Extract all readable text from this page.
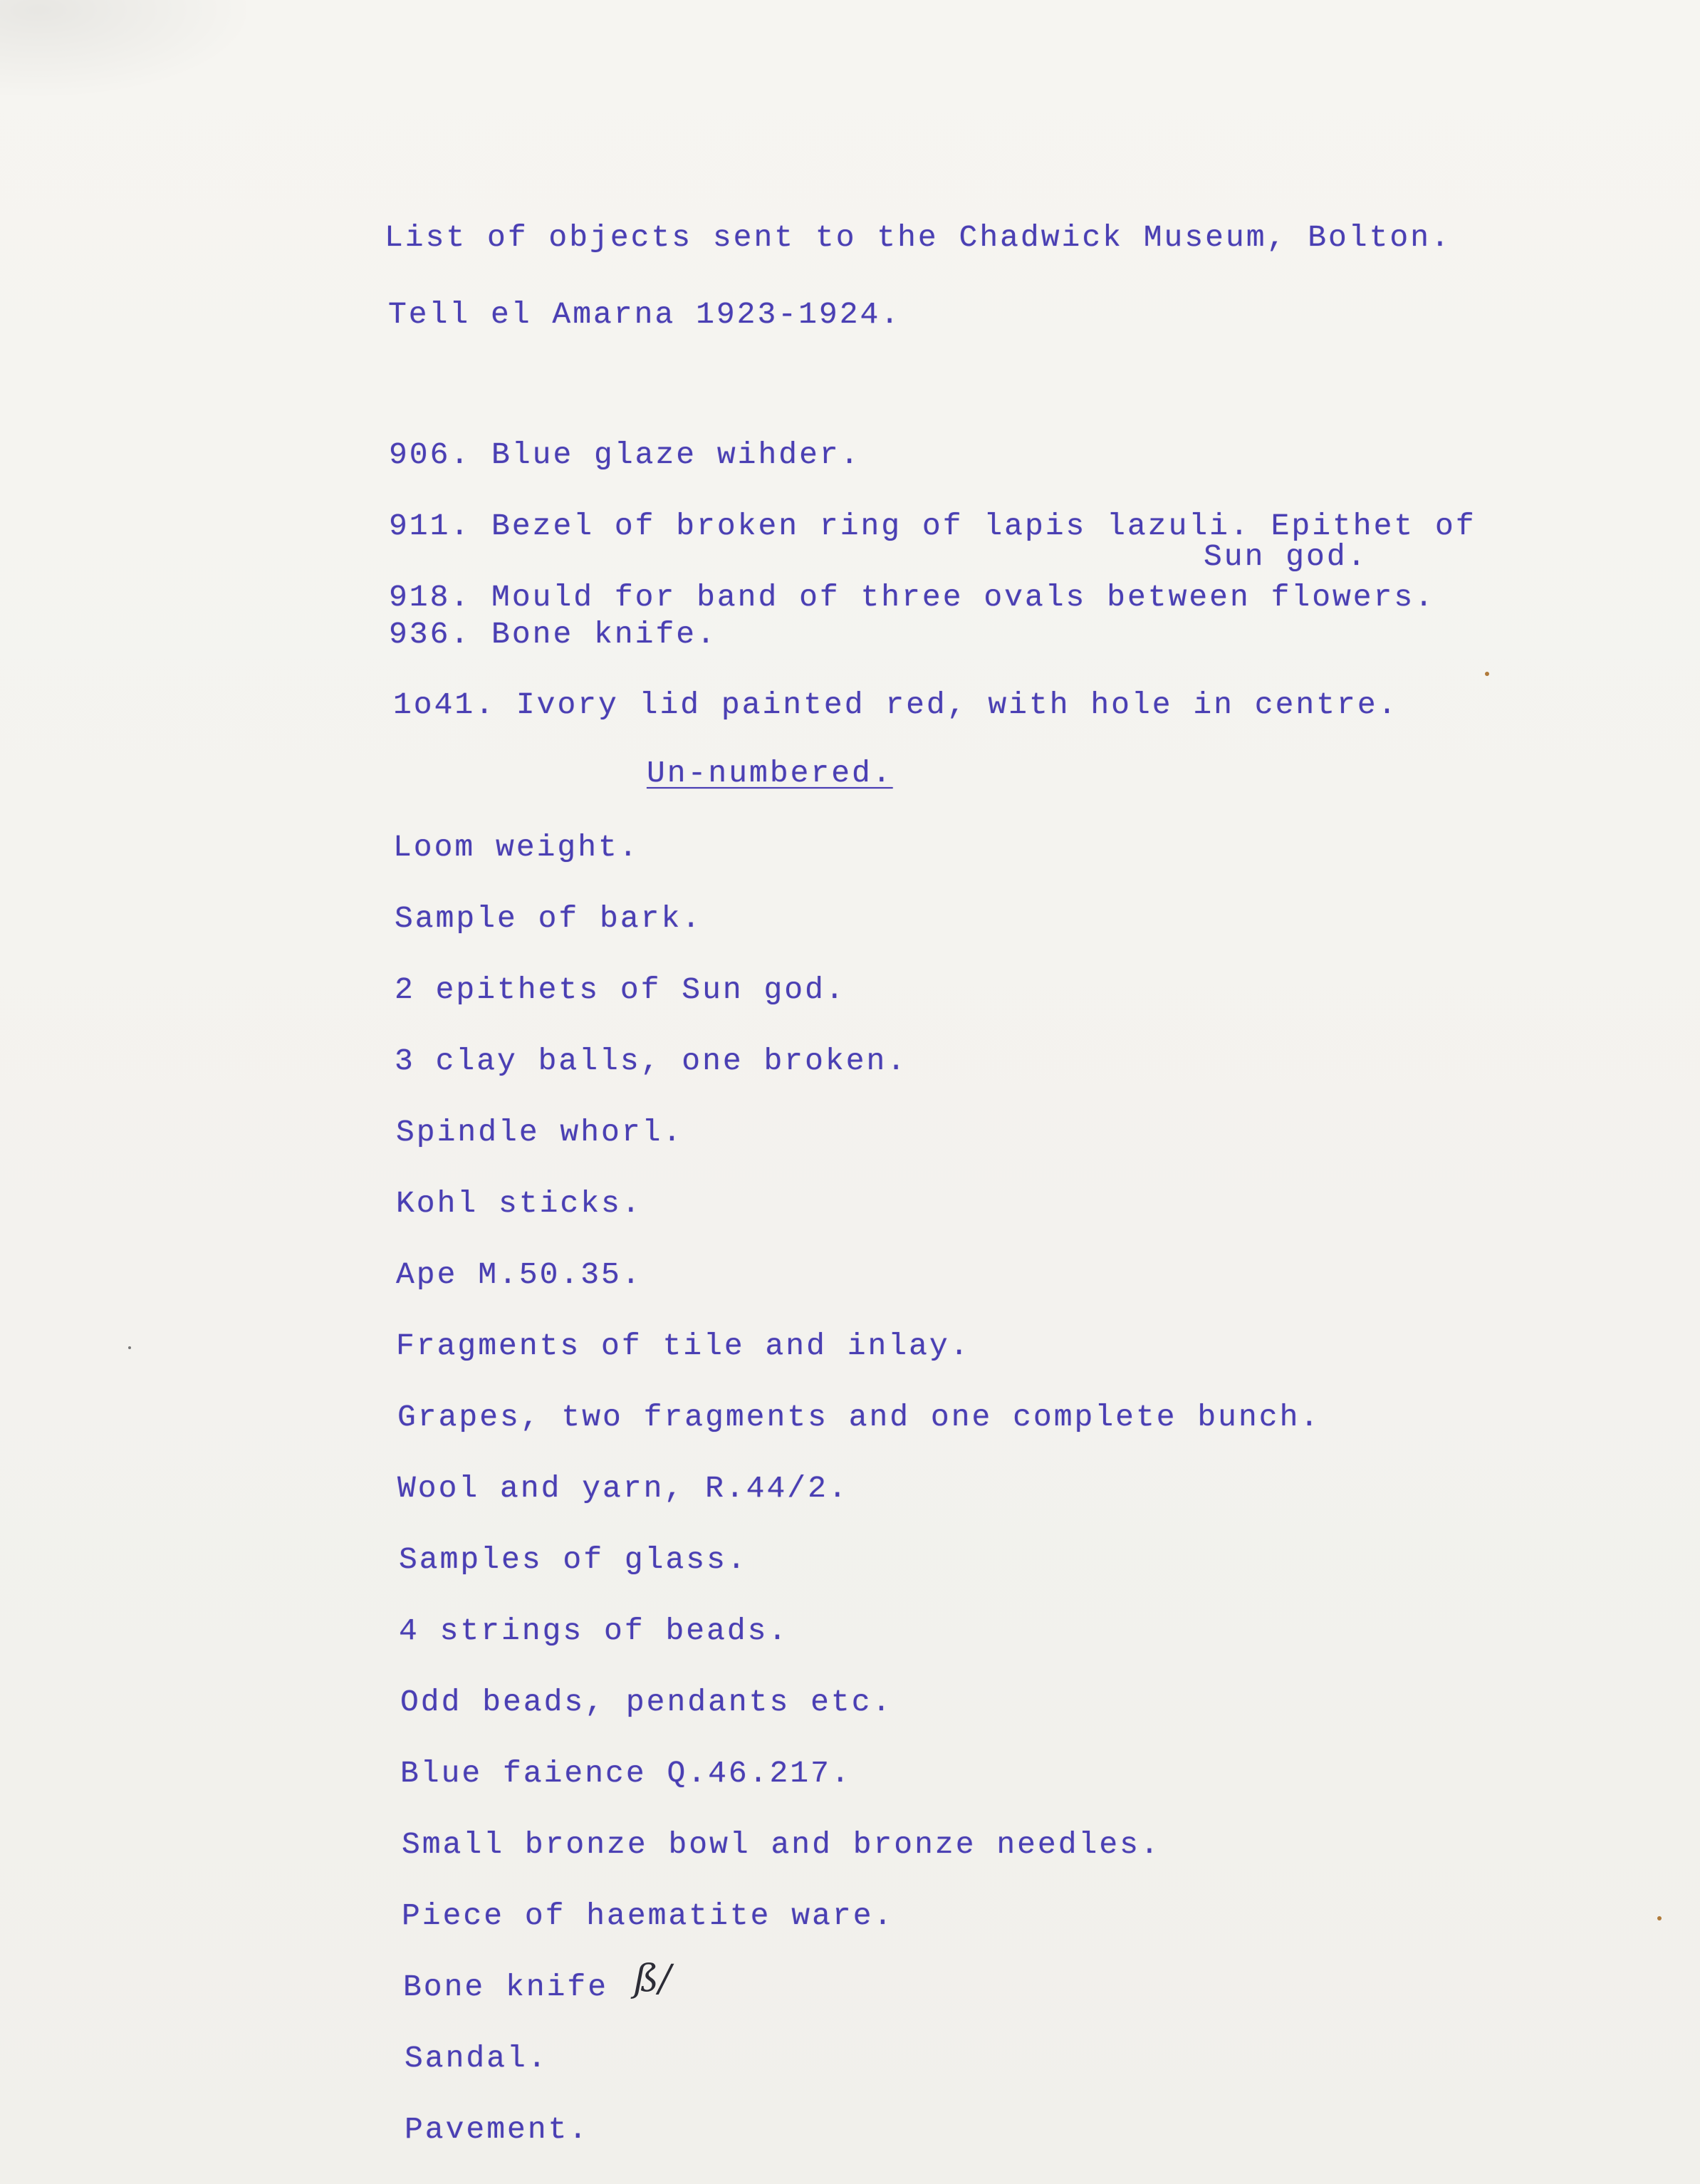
List of objects sent to the Chadwick Museum, Bolton.
Tell el Amarna 1923-1924.
906. Blue glaze wihder.
911. Bezel of broken ring of lapis lazuli. Epithet of
Sun god.
918. Mould for band of three ovals between flowers.
936. Bone knife.
1o41. Ivory lid painted red, with hole in centre.
Un-numbered.
Loom weight.
Sample of bark.
2 epithets of Sun god.
3 clay balls, one broken.
Spindle whorl.
Kohl sticks.
Ape M.50.35.
Fragments of tile and inlay.
Grapes, two fragments and one complete bunch.
Wool and yarn, R.44/2.
Samples of glass.
4 strings of beads.
Odd beads, pendants etc.
Blue faience Q.46.217.
Small bronze bowl and bronze needles.
Piece of haematite ware.
Bone knife ß/
Sandal.
Pavement.
